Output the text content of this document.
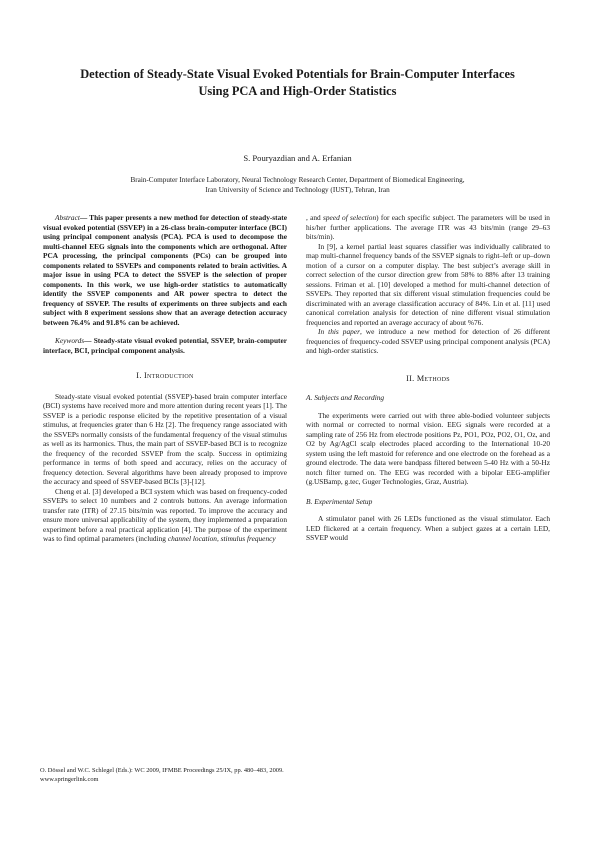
Detection of Steady-State Visual Evoked Potentials for Brain-Computer Interfaces
Using PCA and High-Order Statistics
S. Pouryazdian and A. Erfanian
Brain-Computer Interface Laboratory, Neural Technology Research Center, Department of Biomedical Engineering,
Iran University of Science and Technology (IUST), Tehran, Iran

Abstract— This paper presents a new method for detection of steady-state visual evoked potential (SSVEP) in a 26-class brain-computer interface (BCI) using principal component analysis (PCA). PCA is used to decompose the multi-channel EEG signals into the components which are orthogonal. After PCA processing, the principal components (PCs) can be grouped into components related to SSVEPs and components related to brain activities. A major issue in using PCA to detect the SSVEP is the selection of proper components. In this work, we use high-order statistics to automatically identify the SSVEP components and AR power spectra to detect the frequency of SSVEP. The results of experiments on three subjects and each subject with 8 experiment sessions show that an average detection accuracy between 76.4% and 91.8% can be achieved.

Keywords— Steady-state visual evoked potential, SSVEP, brain-computer interface, BCI, principal component analysis.

I. Introduction

Steady-state visual evoked potential (SSVEP)-based brain computer interface (BCI) systems have received more and more attention during recent years [1]. The SSVEP is a periodic response elicited by the repetitive presentation of a visual stimulus, at frequencies grater than 6 Hz [2]. The frequency range associated with the SSVEPs normally consists of the fundamental frequency of the visual stimulus as well as its harmonics. Thus, the main part of SSVEP-based BCI is to recognize the frequency of the recorded SSVEP from the scalp. Success in optimizing performance in terms of both speed and accuracy, relies on the accuracy of frequency detection. Several algorithms have been already proposed to improve the accuracy and speed of SSVEP-based BCIs [3]-[12].

Cheng et al. [3] developed a BCI system which was based on frequency-coded SSVEPs to select 10 numbers and 2 controls buttons. An average information transfer rate (ITR) of 27.15 bits/min was reported. To improve the accuracy and ensure more universal applicability of the system, they implemented a preparation experiment before a real practical application [4]. The purpose of the experiment was to find optimal parameters (including channel location, stimulus frequency

, and speed of selection) for each specific subject. The parameters will be used in his/her further applications. The average ITR was 43 bits/min (range 29–63 bits/min).

In [9], a kernel partial least squares classifier was individually calibrated to map multi-channel frequency bands of the SSVEP signals to right–left or up–down motion of a cursor on a computer display. The best subject’s average skill in correct selection of the cursor direction grew from 58% to 88% after 13 training sessions. Friman et al. [10] developed a method for multi-channel detection of SSVEPs. They reported that six different visual stimulation frequencies could be discriminated with an average classification accuracy of 84%. Lin et al. [11] used canonical correlation analysis for detection of nine different visual stimulation frequencies and reported an average accuracy of about %76.

In this paper, we introduce a new method for detection of 26 different frequencies of frequency-coded SSVEP using principal component analysis (PCA) and high-order statistics.

II. Methods

A. Subjects and Recording

The experiments were carried out with three able-bodied volunteer subjects with normal or corrected to normal vision. EEG signals were recorded at a sampling rate of 256 Hz from electrode positions Pz, PO1, POz, PO2, O1, Oz, and O2 by Ag/AgCl scalp electrodes placed according to the International 10-20 system using the left mastoid for reference and one electrode on the forehead as a ground electrode. The data were bandpass filtered between 5-40 Hz with a 50-Hz notch filter turned on. The EEG was recorded with a bipolar EEG-amplifier (g.USBamp, g.tec, Guger Technologies, Graz, Austria).

B. Experimental Setup

A stimulator panel with 26 LEDs functioned as the visual stimulator. Each LED flickered at a certain frequency. When a subject gazes at a certain LED, SSVEP would

O. Dössel and W.C. Schlegel (Eds.): WC 2009, IFMBE Proceedings 25/IX, pp. 480–483, 2009.
www.springerlink.com
